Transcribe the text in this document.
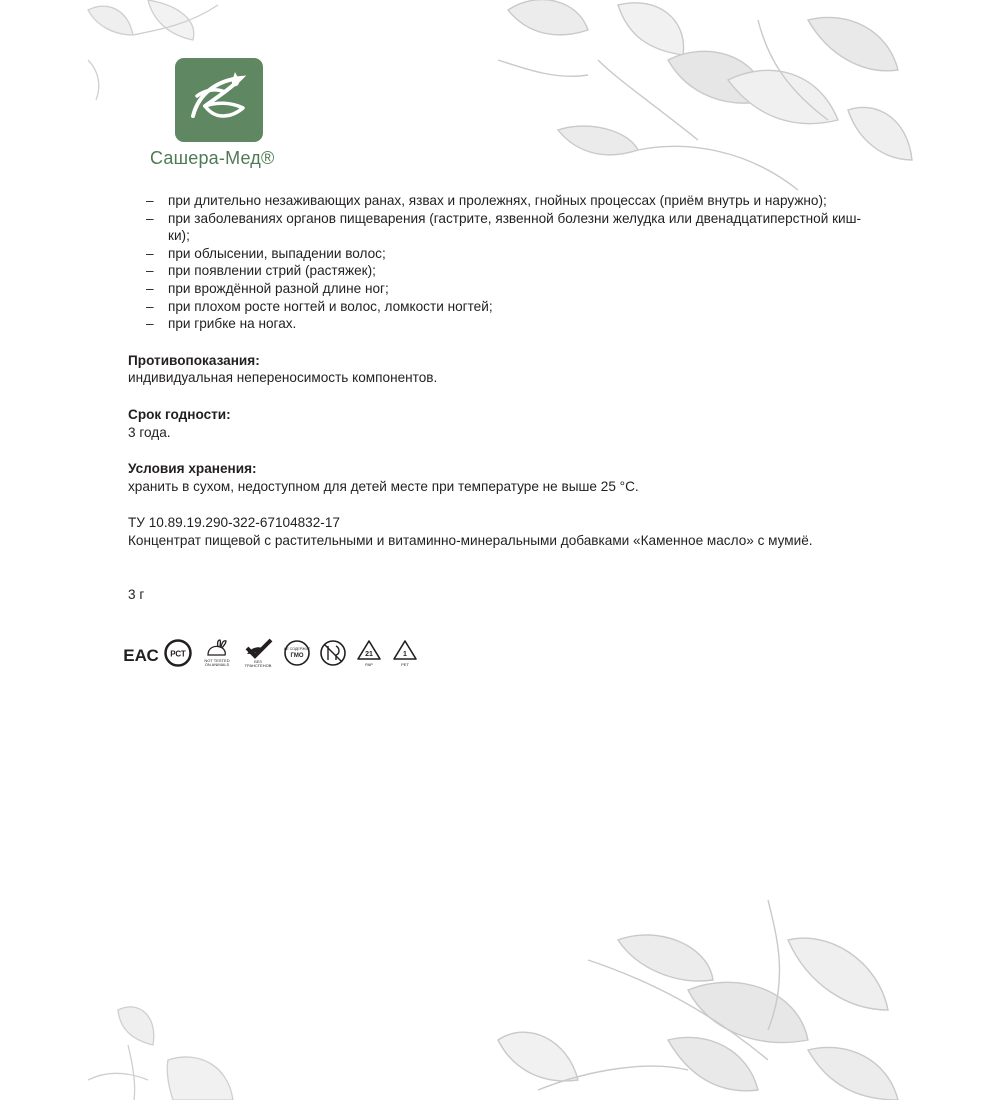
Сашера-Мед®
– при длительно незаживающих ранах, язвах и пролежнях, гнойных процессах (приём внутрь и наружно);
– при заболеваниях органов пищеварения (гастрите, язвенной болезни желудка или двенадцатиперстной киш- ки);
– при облысении, выпадении волос;
– при появлении стрий (растяжек);
– при врождённой разной длине ног;
– при плохом росте ногтей и волос, ломкости ногтей;
– при грибке на ногах.
Противопоказания:
индивидуальная непереносимость компонентов.
Срок годности:
3 года.
Условия хранения:
хранить в сухом, недоступном для детей месте при температуре не выше 25 °С.
ТУ 10.89.19.290-322-67104832-17
Концентрат пищевой с растительными и витаминно-минеральными добавками «Каменное масло» с мумиё.
3 г
ЕАС РСТ
NOT TESTED ON ANIMALS
БЕЗ ТРАНСГЕНОВ
НЕ СОДЕРЖИТ
ГМО	21
PAP
1
PET
